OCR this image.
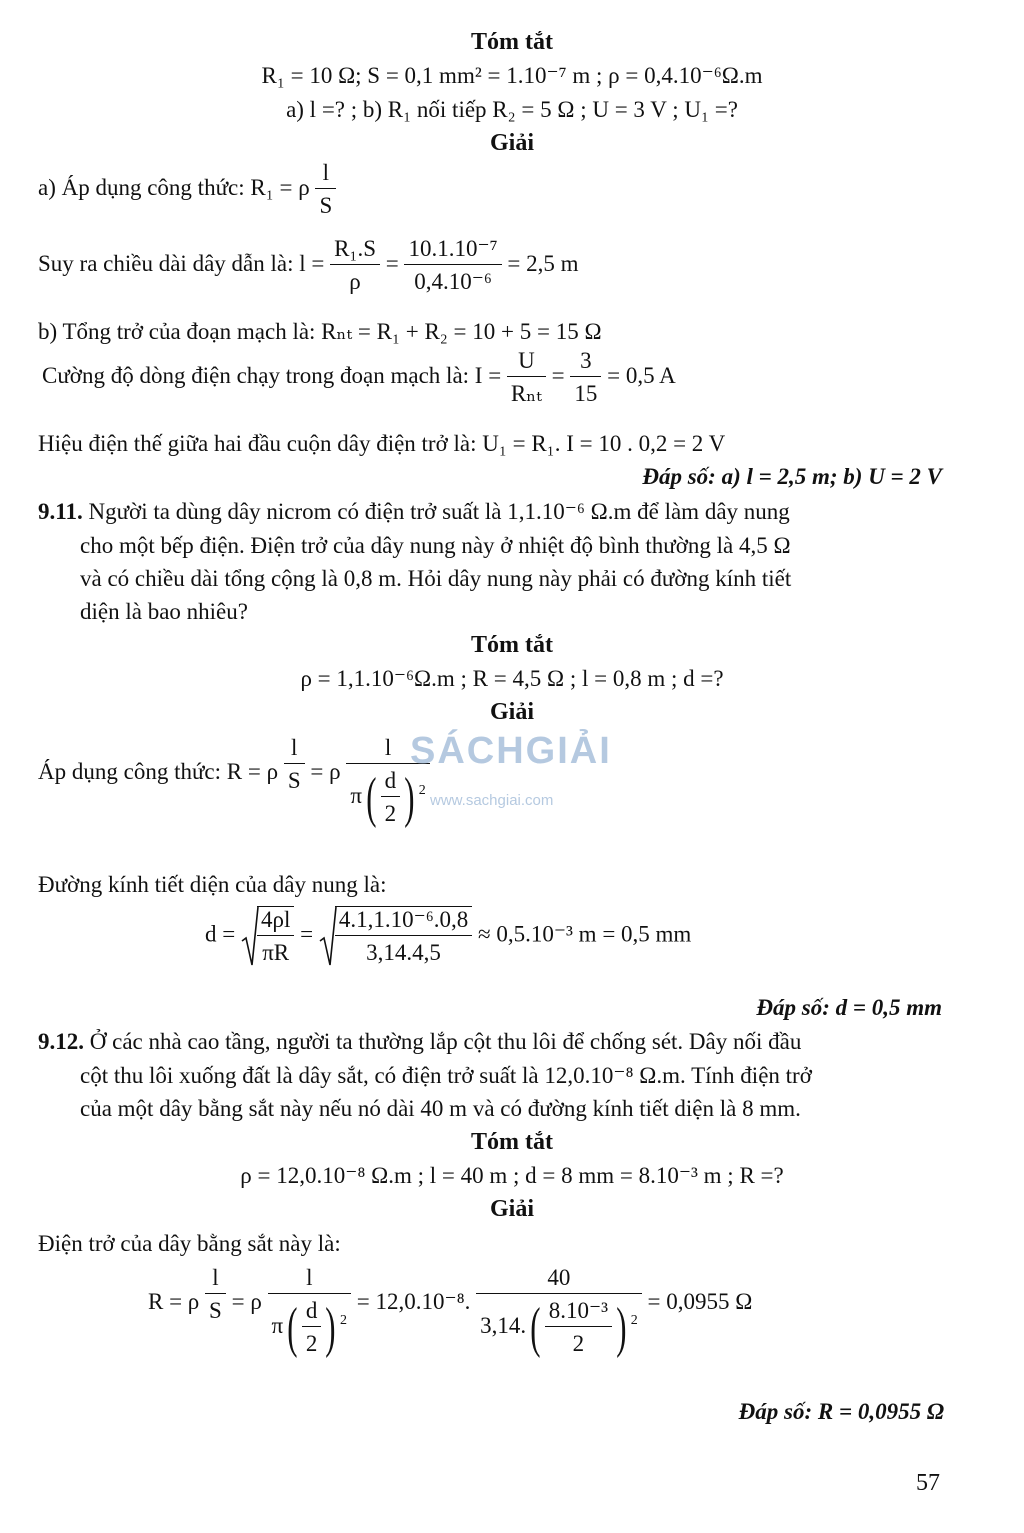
Tóm tắt
R₁ = 10 Ω; S = 0,1 mm² = 1.10⁻⁷ m ; ρ = 0,4.10⁻⁶Ω.m
a) l =? ; b) R₁ nối tiếp R₂ = 5 Ω ; U = 3 V ; U₁ =?
Giải
a) Áp dụng công thức: R₁ = ρ $\frac{l}{S}$
Suy ra chiều dài dây dẫn là: $l = \frac{\text{R₁.S}}{\rho} = \frac{\text{10.1.10⁻⁷}}{\text{0,4.10⁻⁶}} = 2,5$ m
b) Tổng trở của đoạn mạch là: Rₙₜ = R₁ + R₂ = 10 + 5 = 15 Ω
Cường độ dòng điện chạy trong đoạn mạch là: $I = \frac{U}{\text{Rₙₜ}} = \frac{3}{15} = 0,5$ A
Hiệu điện thế giữa hai đầu cuộn dây điện trở là: U₁ = R₁. I = 10 . 0,2 = 2 V
Đáp số: a) l = 2,5 m; b) U = 2 V
9.11. Người ta dùng dây nicrom có điện trở suất là 1,1.10⁻⁶ Ω.m để làm dây nung
cho một bếp điện. Điện trở của dây nung này ở nhiệt độ bình thường là 4,5 Ω
và có chiều dài tổng cộng là 0,8 m. Hỏi dây nung này phải có đường kính tiết
diện là bao nhiêu?
Tóm tắt
ρ = 1,1.10⁻⁶Ω.m ; R = 4,5 Ω ; l = 0,8 m ; d =?
Giải
Áp dụng công thức: R = ρ $\frac{l}{S} = \rho \frac{l}{\pi( \frac{d}{2} ) ^2}$
Đường kính tiết diện của dây nung là:
$d = \frac{4\rho l}{\pi R} = \frac{\text{4.1,1.10⁻⁶.0,8}}{3,14.4,5} \approx 0,5.10^{-3}$ m = 0,5 mm
Đáp số: d = 0,5 mm
9.12. Ở các nhà cao tầng, người ta thường lắp cột thu lôi để chống sét. Dây nối đầu
cột thu lôi xuống đất là dây sắt, có điện trở suất là 12,0.10⁻⁸ Ω.m. Tính điện trở
của một dây bằng sắt này nếu nó dài 40 m và có đường kính tiết diện là 8 mm.
Tóm tắt
ρ = 12,0.10⁻⁸ Ω.m ; l = 40 m ; d = 8 mm = 8.10⁻³ m ; R =?
Giải
Điện trở của dây bằng sắt này là:
R = ρ $\frac{l}{S} = \rho \frac{l}{\pi( \frac{d}{2} ) ^2} = 12,0.10^{-8}$. $\frac{40}{3,14.( \frac{\text{8.10⁻³}}{2} ) ^2} = 0,0955$ Ω
Đáp số: R = 0,0955 Ω
SÁCHGIẢI
www.sachgiai.com
57
